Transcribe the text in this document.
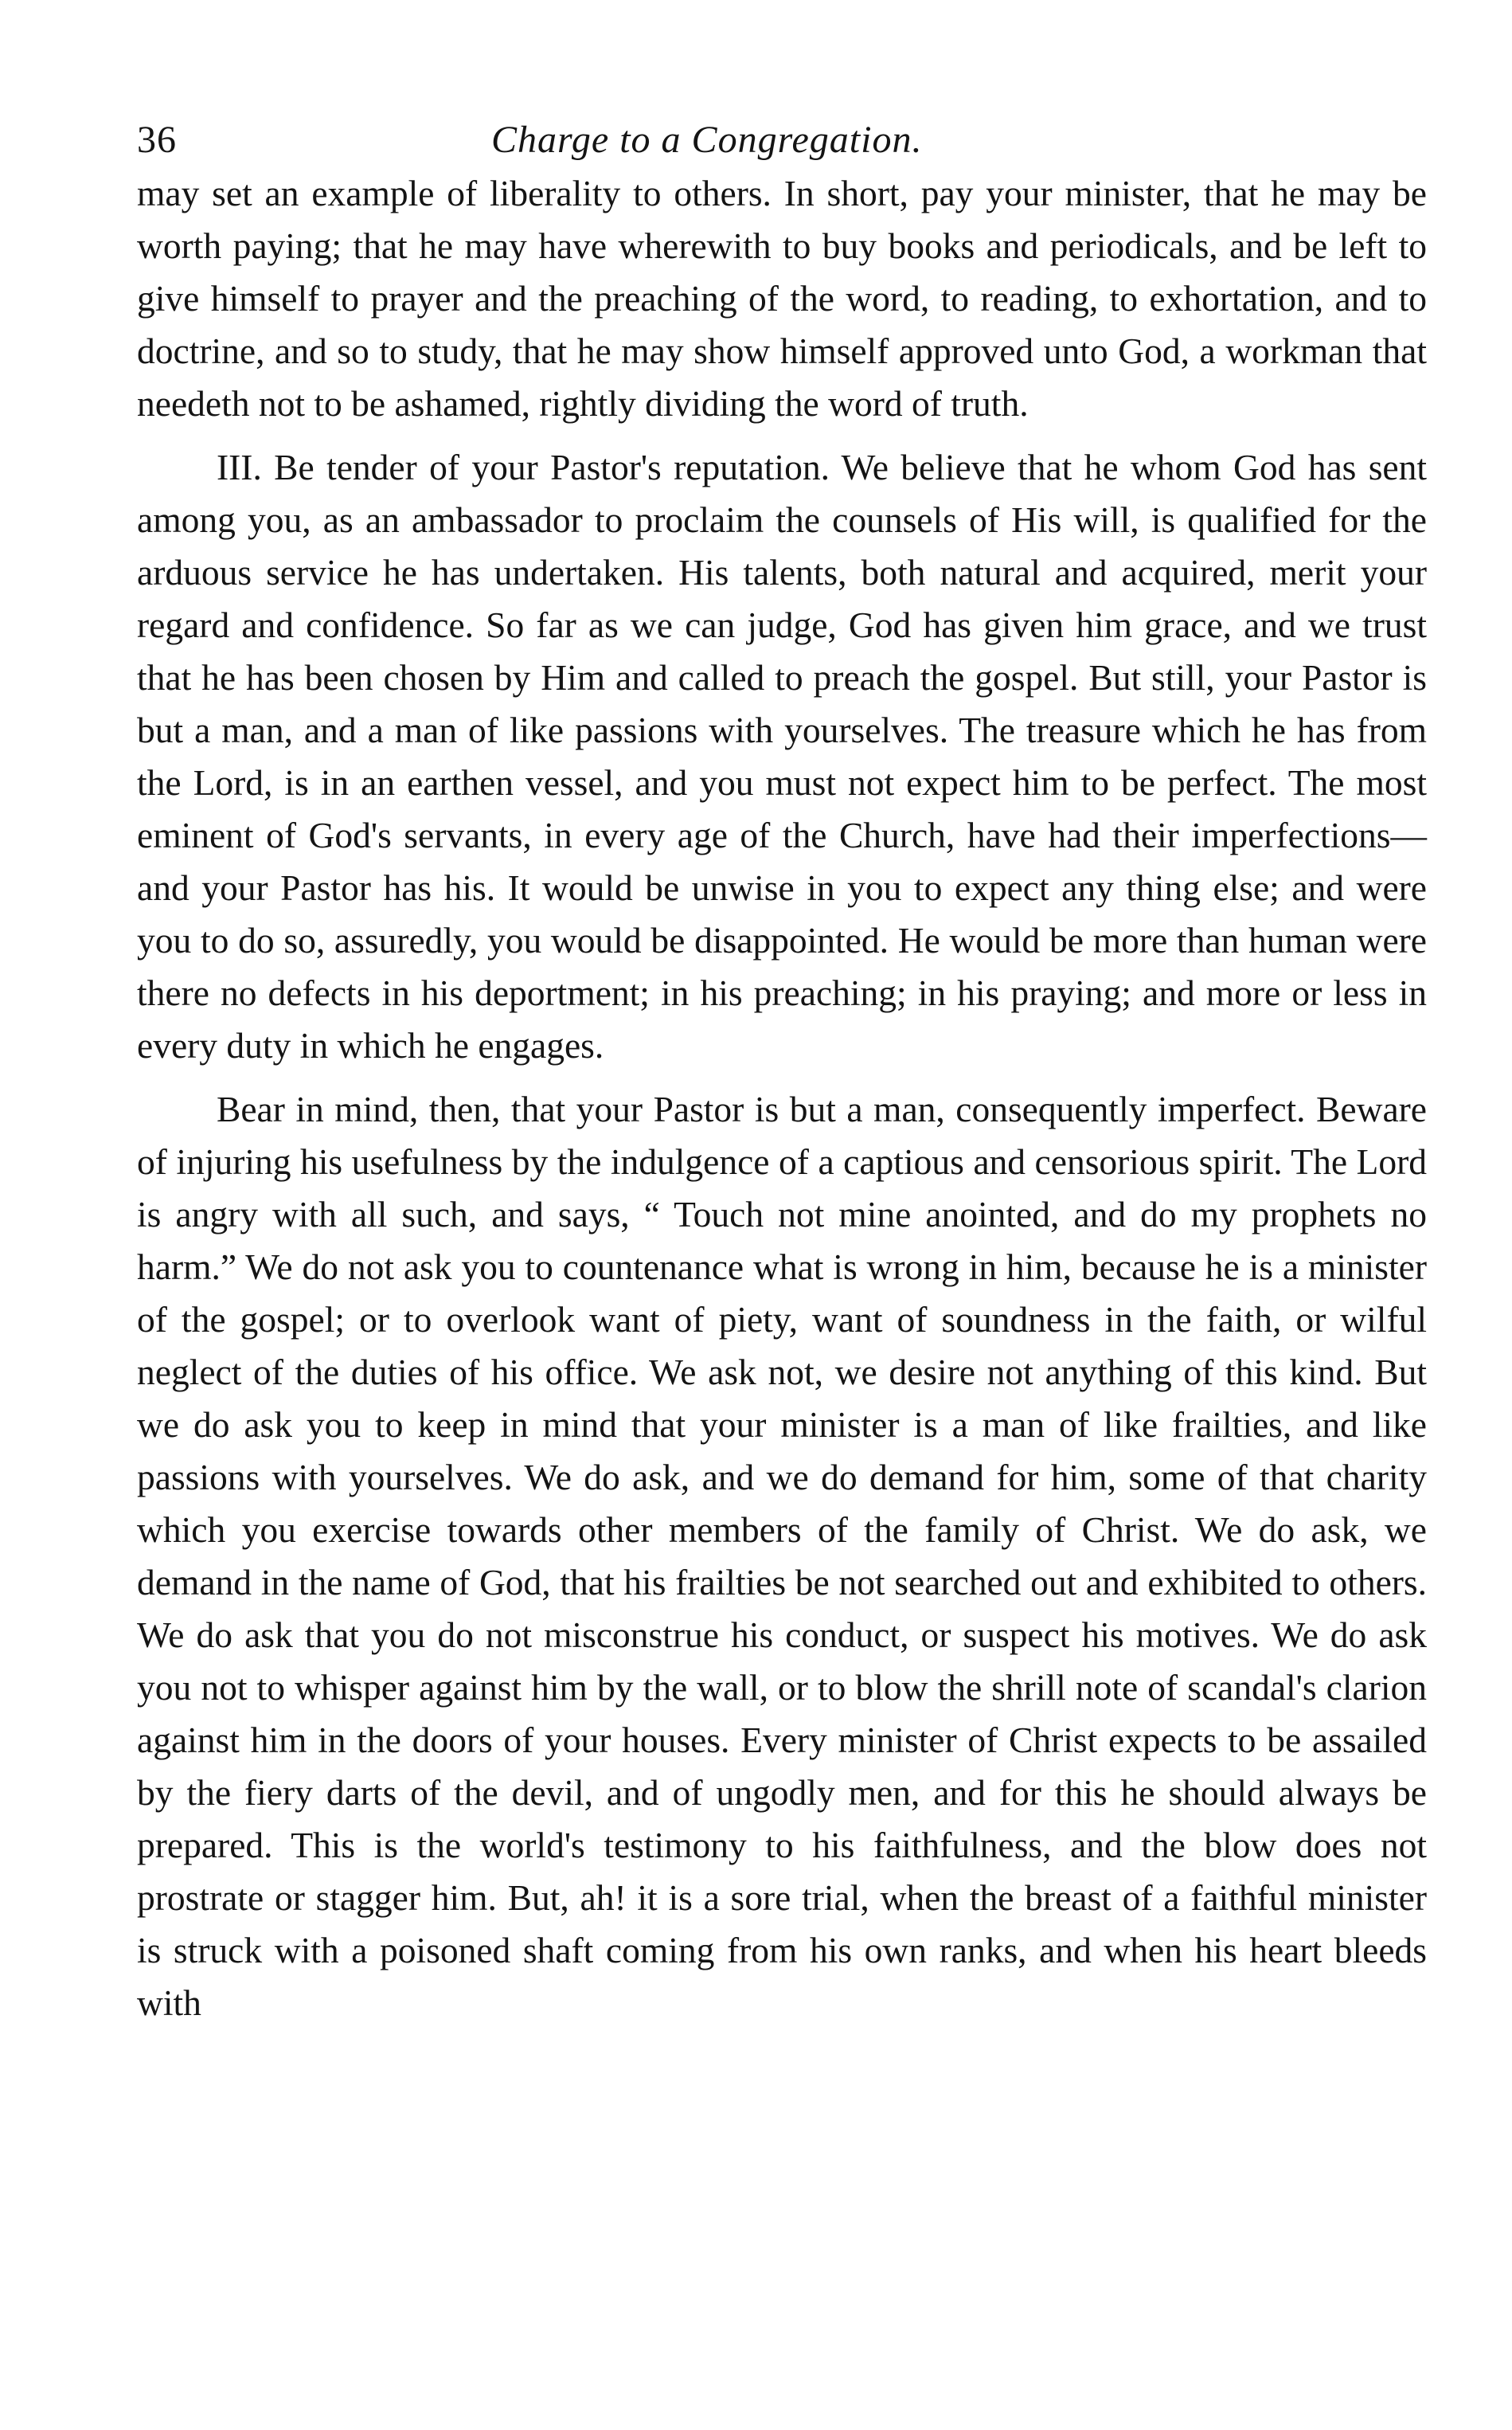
36	Charge to a Congregation.

may set an example of liberality to others. In short, pay your minister, that he may be worth paying; that he may have wherewith to buy books and periodicals, and be left to give himself to prayer and the preaching of the word, to reading, to exhortation, and to doctrine, and so to study, that he may show himself approved unto God, a workman that needeth not to be ashamed, rightly dividing the word of truth.

III. Be tender of your Pastor's reputation. We believe that he whom God has sent among you, as an ambassador to proclaim the counsels of His will, is qualified for the arduous service he has undertaken. His talents, both natural and acquired, merit your regard and confidence. So far as we can judge, God has given him grace, and we trust that he has been chosen by Him and called to preach the gospel. But still, your Pastor is but a man, and a man of like passions with yourselves. The treasure which he has from the Lord, is in an earthen vessel, and you must not expect him to be perfect. The most eminent of God's servants, in every age of the Church, have had their imperfections—and your Pastor has his. It would be unwise in you to expect any thing else; and were you to do so, assuredly, you would be disappointed. He would be more than human were there no defects in his deportment; in his preaching; in his praying; and more or less in every duty in which he engages.

Bear in mind, then, that your Pastor is but a man, consequently imperfect. Beware of injuring his usefulness by the indulgence of a captious and censorious spirit. The Lord is angry with all such, and says, “ Touch not mine anointed, and do my prophets no harm.” We do not ask you to countenance what is wrong in him, because he is a minister of the gospel; or to overlook want of piety, want of soundness in the faith, or wilful neglect of the duties of his office. We ask not, we desire not anything of this kind. But we do ask you to keep in mind that your minister is a man of like frailties, and like passions with yourselves. We do ask, and we do demand for him, some of that charity which you exercise towards other members of the family of Christ. We do ask, we demand in the name of God, that his frailties be not searched out and exhibited to others. We do ask that you do not misconstrue his conduct, or suspect his motives. We do ask you not to whisper against him by the wall, or to blow the shrill note of scandal's clarion against him in the doors of your houses. Every minister of Christ expects to be assailed by the fiery darts of the devil, and of ungodly men, and for this he should always be prepared. This is the world's testimony to his faithfulness, and the blow does not prostrate or stagger him. But, ah! it is a sore trial, when the breast of a faithful minister is struck with a poisoned shaft coming from his own ranks, and when his heart bleeds with
